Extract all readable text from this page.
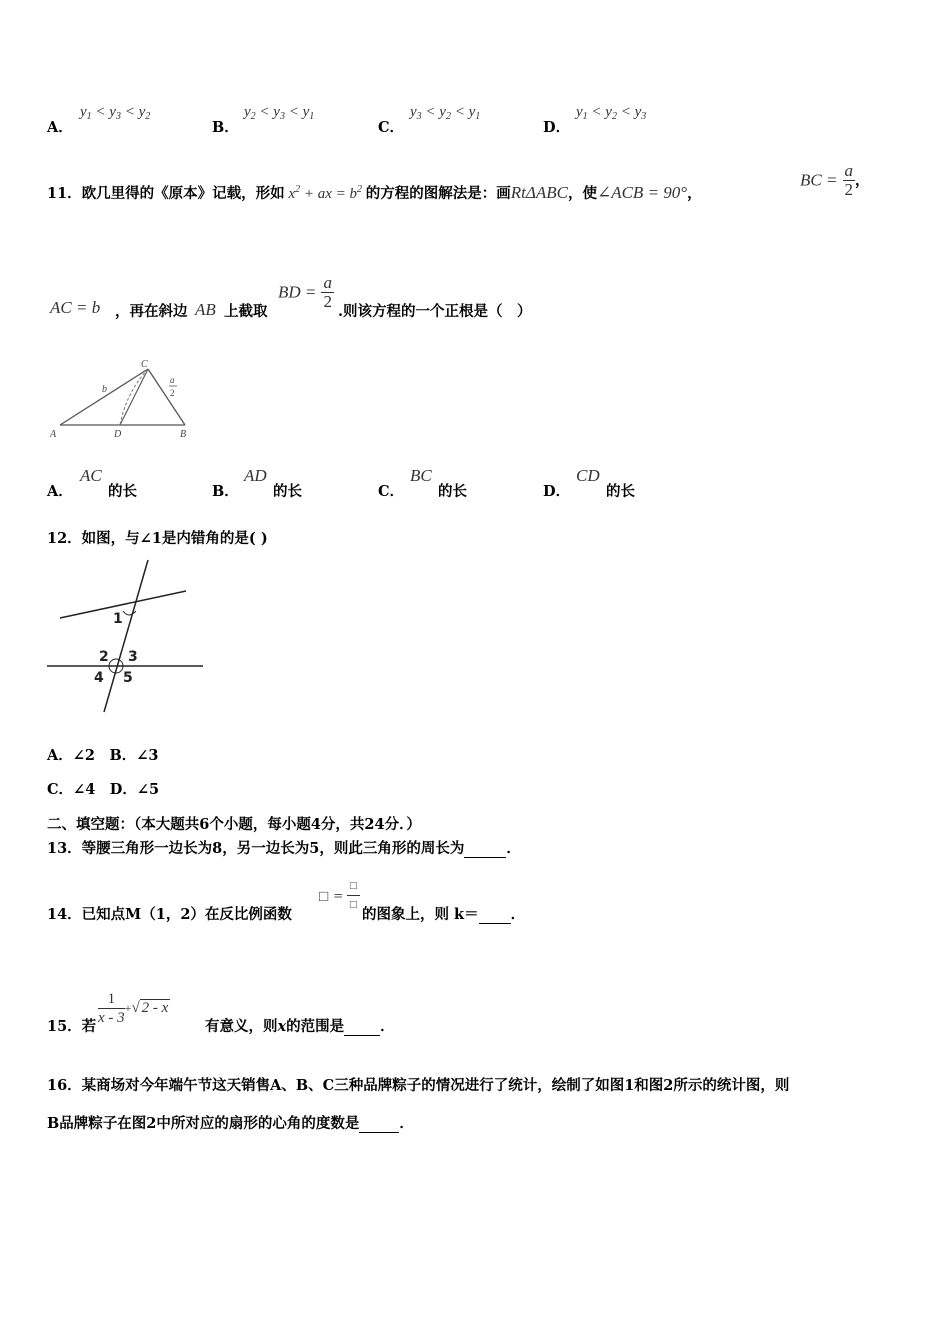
A．
$y_1 < y_3 < y_2$
B．
$y_2 < y_3 < y_1$
C．
$y_3 < y_2 < y_1$
D．
$y_1 < y_2 < y_3$
11．欧几里得的《原本》记载，形如 $x^2$ + ax = $b^2$ 的方程的图解法是：画RtΔABC，使∠ACB = 90°，
BC = $\frac{a}{2}$ ，
AC = b ，再在斜边 AB 上截取
BD = $\frac{a}{2}$
.则该方程的一个正根是（　）
A	D	B
C
b
a
2
A．
AC
的长	B．
AD
的长	C．
BC
的长	D．
CD
的长
12．如图，与∠1是内错角的是( )
1
2 3
4 5
A．∠2　B．∠3
C．∠4　D．∠5
二、填空题：（本大题共6个小题，每小题4分，共24分．）
13．等腰三角形一边长为8，另一边长为5，则此三角形的周长为	．
14．已知点M（1，2）在反比例函数
□ = $\frac{□}{□}$
的图象上，则 k＝ ．
15．若 $\frac{1}{x - 3}$ +√ 2 - x
有意义，则x的范围是 ．
16．某商场对今年端午节这天销售A、B、C三种品牌粽子的情况进行了统计，绘制了如图1和图2所示的统计图，则
B品牌粽子在图2中所对应的扇形的心角的度数是	．
